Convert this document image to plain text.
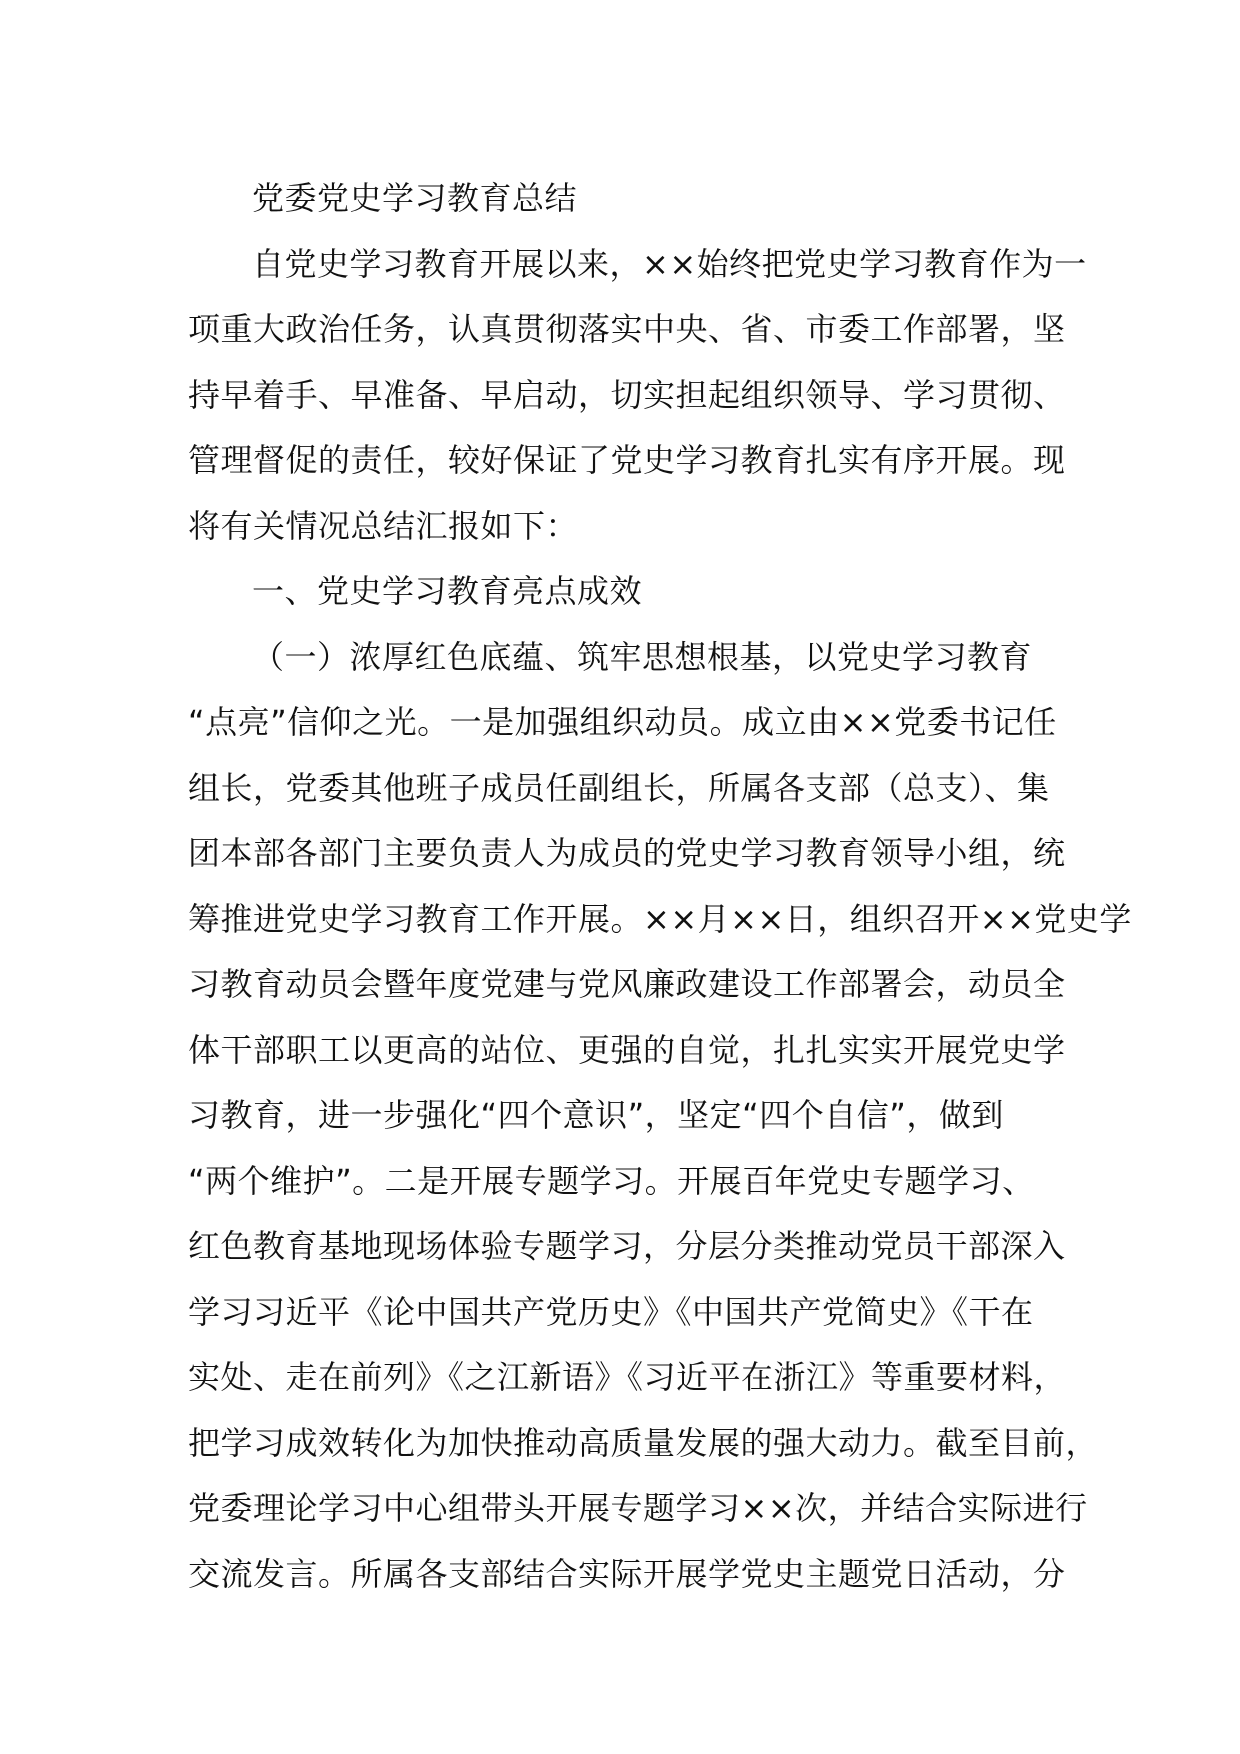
党委党史学习教育总结
自党史学习教育开展以来，××始终把党史学习教育作为一
项重大政治任务，认真贯彻落实中央、省、市委工作部署，坚
持早着手、早准备、早启动，切实担起组织领导、学习贯彻、
管理督促的责任，较好保证了党史学习教育扎实有序开展。现
将有关情况总结汇报如下：
一、党史学习教育亮点成效
（一）浓厚红色底蕴、筑牢思想根基，以党史学习教育
“点亮”信仰之光。一是加强组织动员。成立由××党委书记任
组长，党委其他班子成员任副组长，所属各支部（总支）、集
团本部各部门主要负责人为成员的党史学习教育领导小组，统
筹推进党史学习教育工作开展。××月××日，组织召开××党史学
习教育动员会暨年度党建与党风廉政建设工作部署会，动员全
体干部职工以更高的站位、更强的自觉，扎扎实实开展党史学
习教育，进一步强化“四个意识”，坚定“四个自信”，做到
“两个维护”。二是开展专题学习。开展百年党史专题学习、
红色教育基地现场体验专题学习，分层分类推动党员干部深入
学习习近平《论中国共产党历史》《中国共产党简史》《干在
实处、走在前列》《之江新语》《习近平在浙江》等重要材料，
把学习成效转化为加快推动高质量发展的强大动力。截至目前，
党委理论学习中心组带头开展专题学习××次，并结合实际进行
交流发言。所属各支部结合实际开展学党史主题党日活动，分
